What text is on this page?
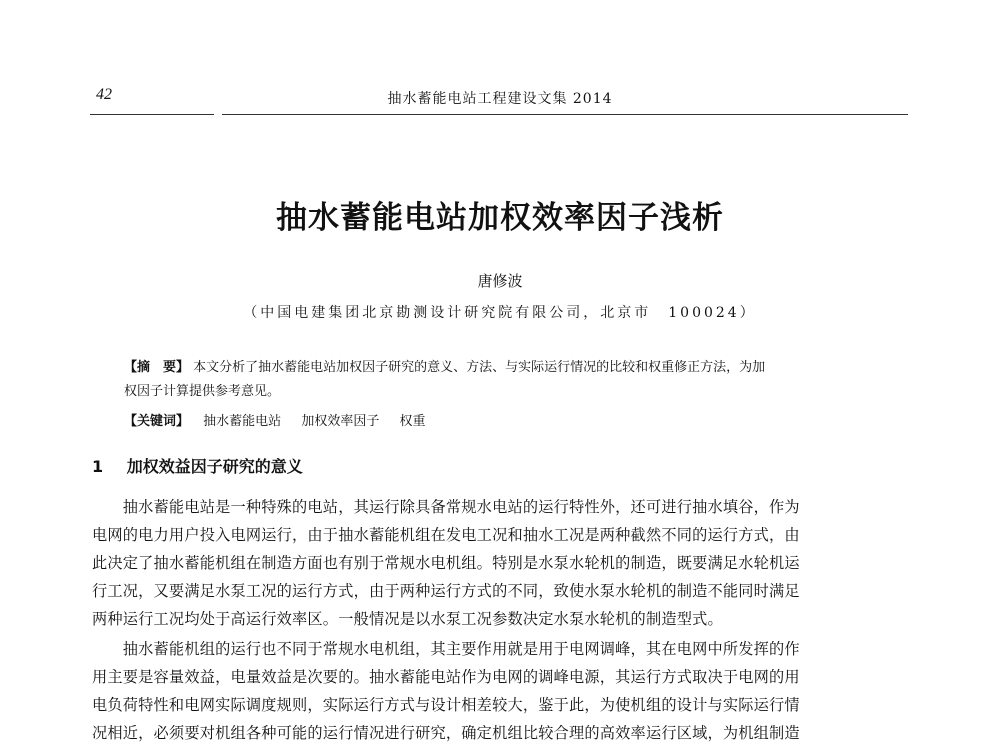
42	抽水蓄能电站工程建设文集 2014
抽水蓄能电站加权效率因子浅析
唐修波
（中国电建集团北京勘测设计研究院有限公司，北京市　100024）
【摘　要】 本文分析了抽水蓄能电站加权因子研究的意义、方法、与实际运行情况的比较和权重修正方法，为加
权因子计算提供参考意见。
【关键词】 抽水蓄能电站 加权效率因子 权重
1 加权效益因子研究的意义
　　抽水蓄能电站是一种特殊的电站，其运行除具备常规水电站的运行特性外，还可进行抽水填谷，作为
电网的电力用户投入电网运行，由于抽水蓄能机组在发电工况和抽水工况是两种截然不同的运行方式，由
此决定了抽水蓄能机组在制造方面也有别于常规水电机组。特别是水泵水轮机的制造，既要满足水轮机运
行工况，又要满足水泵工况的运行方式，由于两种运行方式的不同，致使水泵水轮机的制造不能同时满足
两种运行工况均处于高运行效率区。一般情况是以水泵工况参数决定水泵水轮机的制造型式。
　　抽水蓄能机组的运行也不同于常规水电机组，其主要作用就是用于电网调峰，其在电网中所发挥的作
用主要是容量效益，电量效益是次要的。抽水蓄能电站作为电网的调峰电源，其运行方式取决于电网的用
电负荷特性和电网实际调度规则，实际运行方式与设计相差较大，鉴于此，为使机组的设计与实际运行情
况相近，必须要对机组各种可能的运行情况进行研究，确定机组比较合理的高效率运行区域，为机组制造
